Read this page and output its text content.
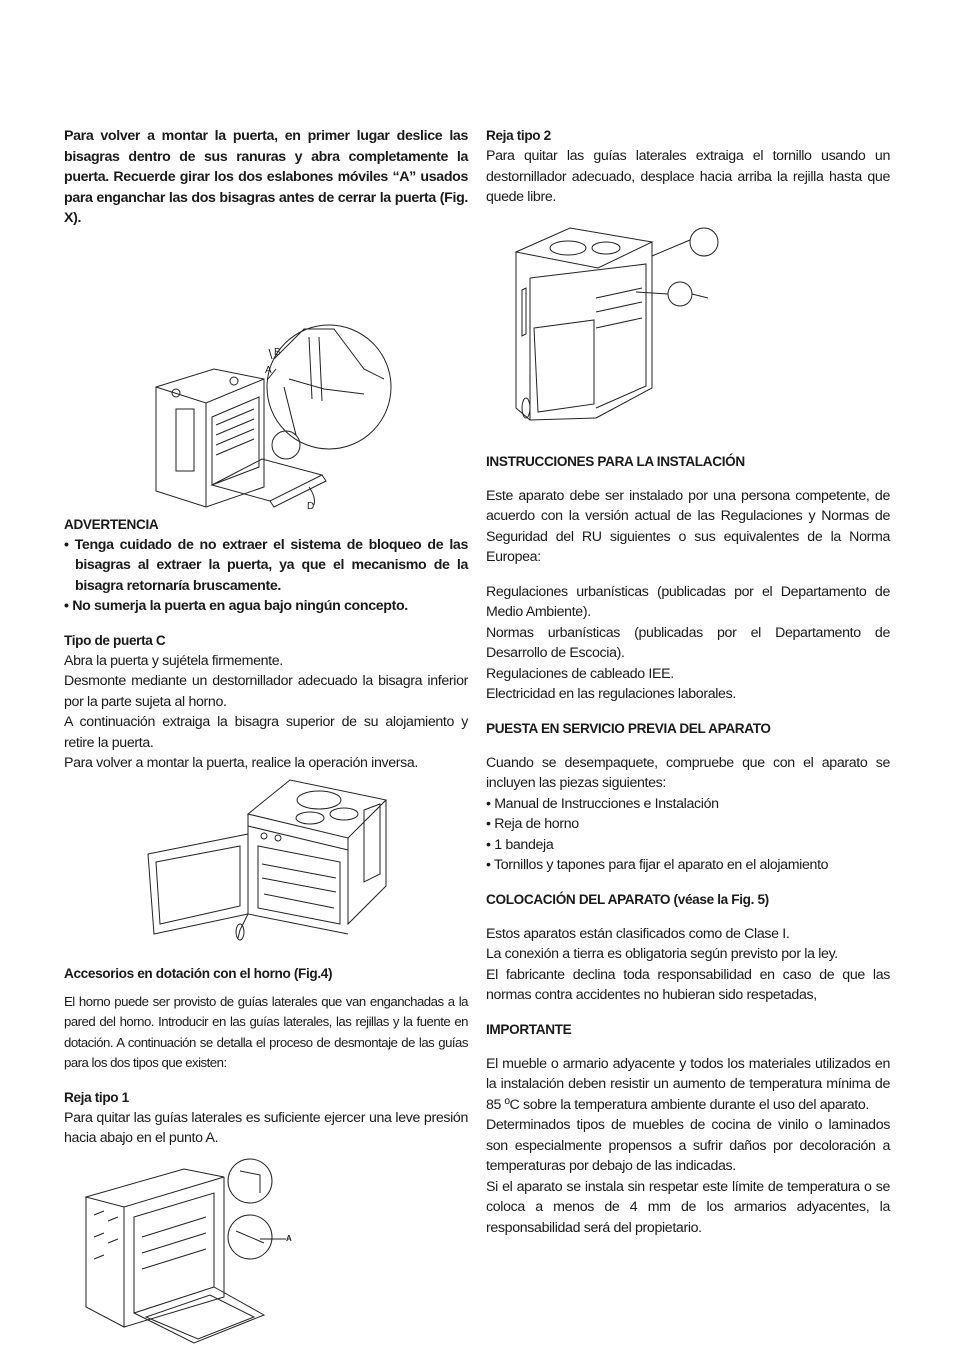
Para volver a montar la puerta, en primer lugar deslice las bisagras dentro de sus ranuras y abra completamente la puerta. Recuerde girar los dos eslabones móviles “A” usados para enganchar las dos bisagras antes de cerrar la puerta (Fig. X).

B
A
D

ADVERTENCIA

• Tenga cuidado de no extraer el sistema de bloqueo de las bisagras al extraer la puerta, ya que el mecanismo de la bisagra retornaría bruscamente.

• No sumerja la puerta en agua bajo ningún concepto.

Tipo de puerta C

Abra la puerta y sujétela firmemente.

Desmonte mediante un destornillador adecuado la bisagra inferior por la parte sujeta al horno.

A continuación extraiga la bisagra superior de su alojamiento y retire la puerta.

Para volver a montar la puerta, realice la operación inversa.

Accesorios en dotación con el horno (Fig.4)

El horno puede ser provisto de guías laterales que van enganchadas a la pared del horno. Introducir en las guías laterales, las rejillas y la fuente en dotación. A continuación se detalla el proceso de desmontaje de las guías para los dos tipos que existen:

Reja tipo 1

Para quitar las guías laterales es suficiente ejercer una leve presión hacia abajo en el punto A.

A

Reja tipo 2

Para quitar las guías laterales extraiga el tornillo usando un destornillador adecuado, desplace hacia arriba la rejilla hasta que quede libre.

INSTRUCCIONES PARA LA INSTALACIÓN

Este aparato debe ser instalado por una persona competente, de acuerdo con la versión actual de las Regulaciones y Normas de Seguridad del RU siguientes o sus equivalentes de la Norma Europea:

Regulaciones urbanísticas (publicadas por el Departamento de Medio Ambiente).

Normas urbanísticas (publicadas por el Departamento de Desarrollo de Escocia).

Regulaciones de cableado IEE.

Electricidad en las regulaciones laborales.

PUESTA EN SERVICIO PREVIA DEL APARATO

Cuando se desempaquete, compruebe que con el aparato se incluyen las piezas siguientes:

• Manual de Instrucciones e Instalación

• Reja de horno

• 1 bandeja

• Tornillos y tapones para fijar el aparato en el alojamiento

COLOCACIÓN DEL APARATO (véase la Fig. 5)

Estos aparatos están clasificados como de Clase I.

La conexión a tierra es obligatoria según previsto por la ley.

El fabricante declina toda responsabilidad en caso de que las normas contra accidentes no hubieran sido respetadas,

IMPORTANTE

El mueble o armario adyacente y todos los materiales utilizados en la instalación deben resistir un aumento de temperatura mínima de 85 ºC sobre la temperatura ambiente durante el uso del aparato.

Determinados tipos de muebles de cocina de vinilo o laminados son especialmente propensos a sufrir daños por decoloración a temperaturas por debajo de las indicadas.

Si el aparato se instala sin respetar este límite de temperatura o se coloca a menos de 4 mm de los armarios adyacentes, la responsabilidad será del propietario.
